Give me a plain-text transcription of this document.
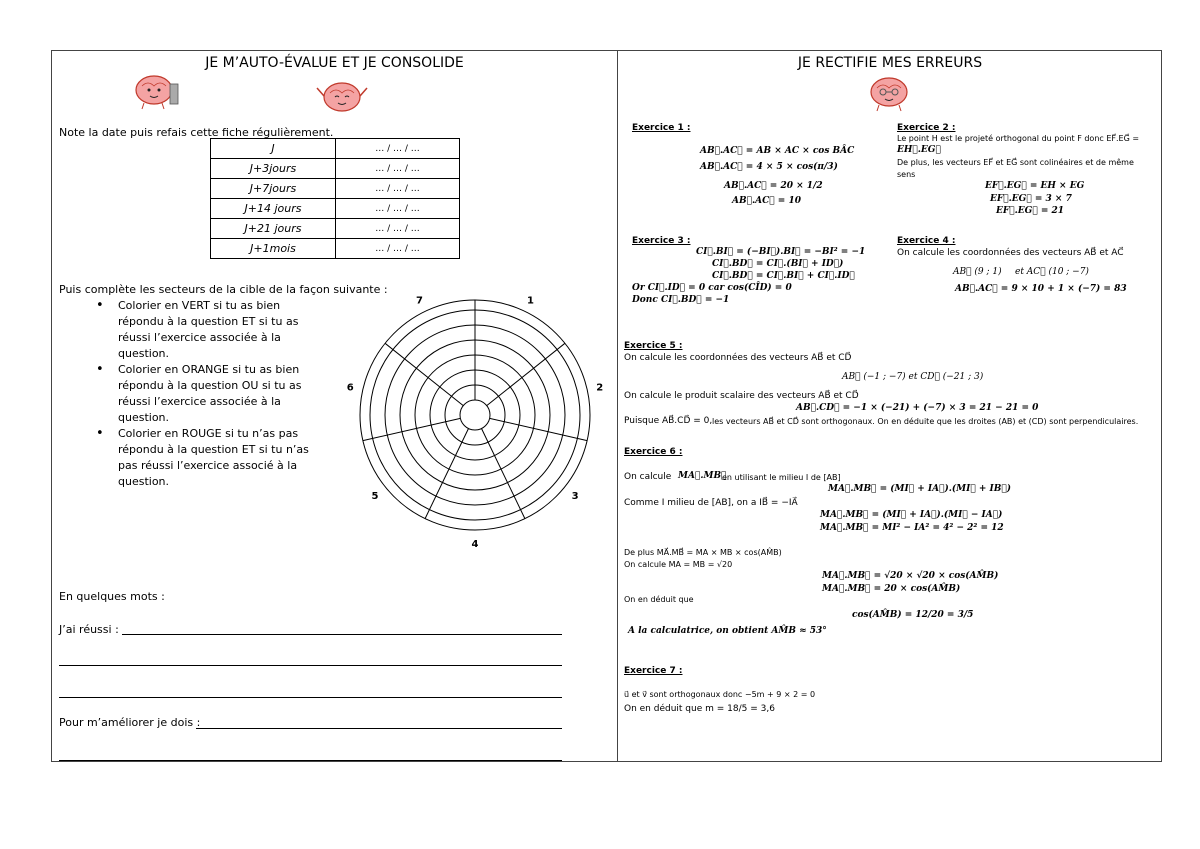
JE M’AUTO-ÉVALUE ET JE CONSOLIDE
Note la date puis refais cette fiche régulièrement.
J	… / … / …
J+3jours	… / … / …
J+7jours	… / … / …
J+14 jours	… / … / …
J+21 jours	… / … / …
J+1mois	… / … / …
Puis complète les secteurs de la cible de la façon suivante :
• Colorier en VERT si tu as bien répondu à la question ET si tu as réussi l’exercice associée à la question.
• Colorier en ORANGE si tu as bien répondu à la question OU si tu as réussi l’exercice associée à la question.
• Colorier en ROUGE si tu n’as pas répondu à la question ET si tu n’as pas réussi l’exercice associé à la question.
1
2
3
4
5
6
7
En quelques mots :
J’ai réussi :
Pour m’améliorer je dois :
JE RECTIFIE MES ERREURS
Exercice 1 :
AB⃗.AC⃗ = AB × AC × cos BÂC
AB⃗.AC⃗ = 4 × 5 × cos(π/3)
AB⃗.AC⃗ = 20 × 1/2
AB⃗.AC⃗ = 10
Exercice 2 :
Le point H est le projeté orthogonal du point F donc EF⃗.EG⃗ =
EH⃗.EG⃗
De plus, les vecteurs EF⃗ et EG⃗ sont colinéaires et de même
sens
EF⃗.EG⃗ = EH × EG
EF⃗.EG⃗ = 3 × 7
EF⃗.EG⃗ = 21
Exercice 3 :
CI⃗.BI⃗ = (−BI⃗).BI⃗ = −BI² = −1
CI⃗.BD⃗ = CI⃗.(BI⃗ + ID⃗)
CI⃗.BD⃗ = CI⃗.BI⃗ + CI⃗.ID⃗
Or CI⃗.ID⃗ = 0 car cos(CÎD) = 0
Donc CI⃗.BD⃗ = −1
Exercice 4 :
On calcule les coordonnées des vecteurs AB⃗ et AC⃗
AB⃗ (9 ; 1) et AC⃗ (10 ; −7)
AB⃗.AC⃗ = 9 × 10 + 1 × (−7) = 83
Exercice 5 :
On calcule les coordonnées des vecteurs AB⃗ et CD⃗
AB⃗ (−1 ; −7) et CD⃗ (−21 ; 3)
On calcule le produit scalaire des vecteurs AB⃗ et CD⃗
AB⃗.CD⃗ = −1 × (−21) + (−7) × 3 = 21 − 21 = 0
Puisque AB⃗.CD⃗ = 0, les vecteurs AB⃗ et CD⃗ sont orthogonaux. On en déduite que les droites (AB) et (CD) sont perpendiculaires.
Exercice 6 :
On calcule MA⃗.MB⃗
en utilisant le milieu I de [AB]
MA⃗.MB⃗ = (MI⃗ + IA⃗).(MI⃗ + IB⃗)
Comme I milieu de [AB], on a IB⃗ = −IA⃗
MA⃗.MB⃗ = (MI⃗ + IA⃗).(MI⃗ − IA⃗)
MA⃗.MB⃗ = MI² − IA² = 4² − 2² = 12
De plus MA⃗.MB⃗ = MA × MB × cos(AM̂B)
On calcule MA = MB = √20
MA⃗.MB⃗ = √20 × √20 × cos(AM̂B)
MA⃗.MB⃗ = 20 × cos(AM̂B)
On en déduit que
cos(AM̂B) = 12/20 = 3/5
A la calculatrice, on obtient AM̂B ≈ 53°
Exercice 7 :
u⃗ et v⃗ sont orthogonaux donc −5m + 9 × 2 = 0
On en déduit que m = 18/5 = 3,6
